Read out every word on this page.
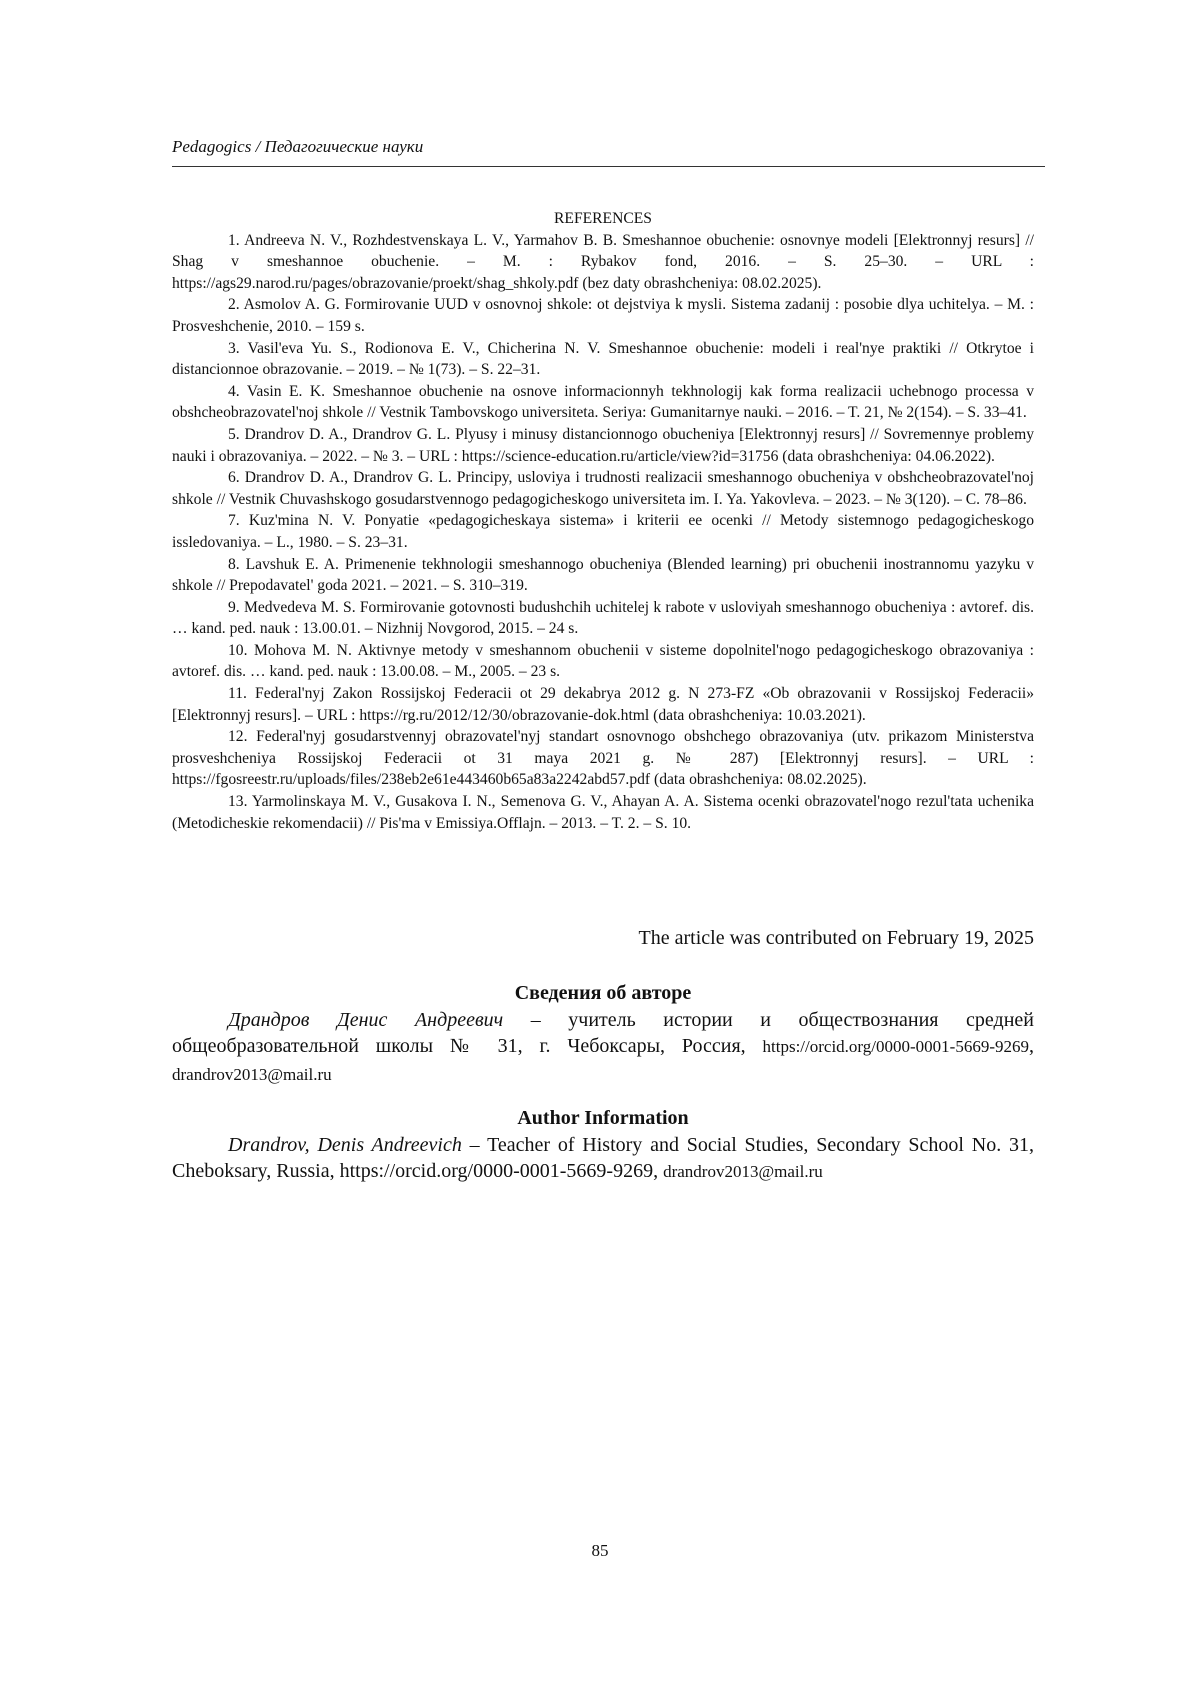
Pedagogics / Педагогические науки

REFERENCES

1. Andreeva N. V., Rozhdestvenskaya L. V., Yarmahov B. B. Smeshannoe obuchenie: osnovnye modeli [Elektronnyj resurs] // Shag v smeshannoe obuchenie. – M. : Rybakov fond, 2016. – S. 25–30. – URL : https://ags29.narod.ru/pages/obrazovanie/proekt/shag_shkoly.pdf (bez daty obrashcheniya: 08.02.2025).

2. Asmolov A. G. Formirovanie UUD v osnovnoj shkole: ot dejstviya k mysli. Sistema zadanij : posobie dlya uchitelya. – M. : Prosveshchenie, 2010. – 159 s.

3. Vasil'eva Yu. S., Rodionova E. V., Chicherina N. V. Smeshannoe obuchenie: modeli i real'nye praktiki // Otkrytoe i distancionnoe obrazovanie. – 2019. – № 1(73). – S. 22–31.

4. Vasin E. K. Smeshannoe obuchenie na osnove informacionnyh tekhnologij kak forma realizacii uchebnogo processa v obshcheobrazovatel'noj shkole // Vestnik Tambovskogo universiteta. Seriya: Gumanitarnye nauki. – 2016. – T. 21, № 2(154). – S. 33–41.

5. Drandrov D. A., Drandrov G. L. Plyusy i minusy distancionnogo obucheniya [Elektronnyj resurs] // Sovremennye problemy nauki i obrazovaniya. – 2022. – № 3. – URL : https://science-education.ru/article/view?id=31756 (data obrashcheniya: 04.06.2022).

6. Drandrov D. A., Drandrov G. L. Principy, usloviya i trudnosti realizacii smeshannogo obucheniya v obshcheobrazovatel'noj shkole // Vestnik Chuvashskogo gosudarstvennogo pedagogicheskogo universiteta im. I. Ya. Yakovleva. – 2023. – № 3(120). – C. 78–86.

7. Kuz'mina N. V. Ponyatie «pedagogicheskaya sistema» i kriterii ee ocenki // Metody sistemnogo pedagogicheskogo issledovaniya. – L., 1980. – S. 23–31.

8. Lavshuk E. A. Primenenie tekhnologii smeshannogo obucheniya (Blended learning) pri obuchenii inostrannomu yazyku v shkole // Prepodavatel' goda 2021. – 2021. – S. 310–319.

9. Medvedeva M. S. Formirovanie gotovnosti budushchih uchitelej k rabote v usloviyah smeshannogo obucheniya : avtoref. dis. … kand. ped. nauk : 13.00.01. – Nizhnij Novgorod, 2015. – 24 s.

10. Mohova M. N. Aktivnye metody v smeshannom obuchenii v sisteme dopolnitel'nogo pedagogicheskogo obrazovaniya : avtoref. dis. … kand. ped. nauk : 13.00.08. – M., 2005. – 23 s.

11. Federal'nyj Zakon Rossijskoj Federacii ot 29 dekabrya 2012 g. N 273-FZ «Ob obrazovanii v Rossijskoj Federacii» [Elektronnyj resurs]. – URL : https://rg.ru/2012/12/30/obrazovanie-dok.html (data obrashcheniya: 10.03.2021).

12. Federal'nyj gosudarstvennyj obrazovatel'nyj standart osnovnogo obshchego obrazovaniya (utv. prikazom Ministerstva prosveshcheniya Rossijskoj Federacii ot 31 maya 2021 g. № 287) [Elektronnyj resurs]. – URL : https://fgosreestr.ru/uploads/files/238eb2e61e443460b65a83a2242abd57.pdf (data obrashcheniya: 08.02.2025).

13. Yarmolinskaya M. V., Gusakova I. N., Semenova G. V., Ahayan A. A. Sistema ocenki obrazovatel'nogo rezul'tata uchenika (Metodicheskie rekomendacii) // Pis'ma v Emissiya.Offlajn. – 2013. – T. 2. – S. 10.

The article was contributed on February 19, 2025

Сведения об авторе

Драндров Денис Андреевич – учитель истории и обществознания средней общеобразовательной школы № 31, г. Чебоксары, Россия, https://orcid.org/0000-0001-5669-9269, drandrov2013@mail.ru

Author Information

Drandrov, Denis Andreevich – Teacher of History and Social Studies, Secondary School No. 31, Cheboksary, Russia, https://orcid.org/0000-0001-5669-9269, drandrov2013@mail.ru

85
